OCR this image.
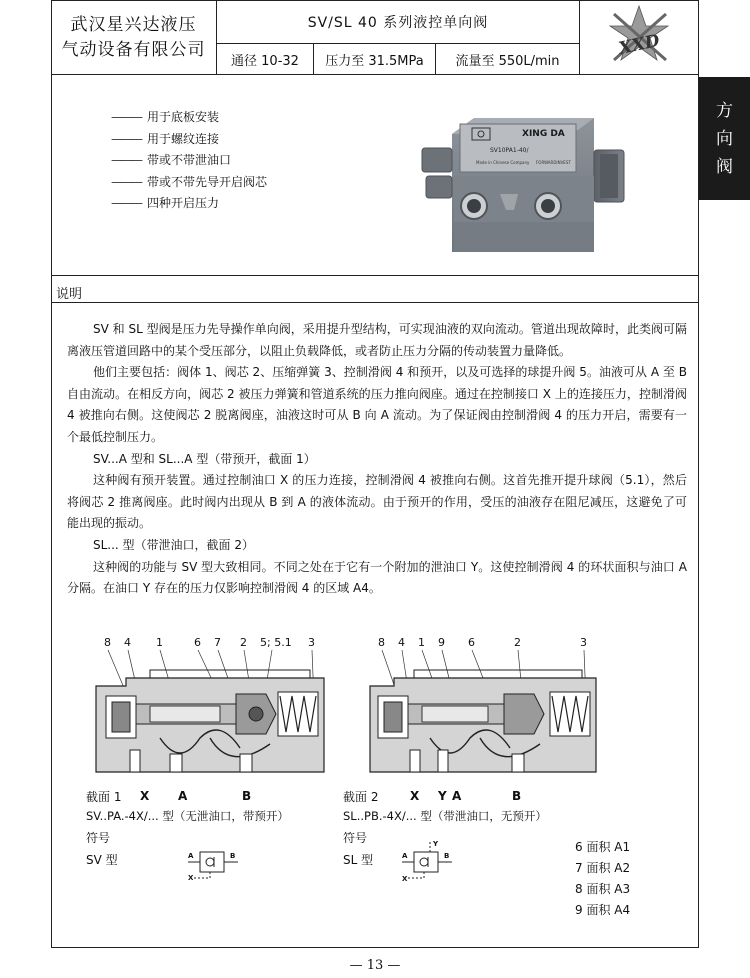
武汉星兴达液压
气动设备有限公司
SV/SL 40 系列液控单向阀
通径 10-32	压力至 31.5MPa	流量至 550L/min
XXD
方
向
阀
——— 用于底板安装
——— 用于螺纹连接
——— 带或不带泄油口
——— 带或不带先导开启阀芯
——— 四种开启压力
XING DA
SV10PA1-40/
Made in Chinese Company FORWARDINVEST
说明

SV 和 SL 型阀是压力先导操作单向阀，采用提升型结构，可实现油液的双向流动。管道出现故障时，此类阀可隔离液压管道回路中的某个受压部分，以阻止负载降低，或者防止压力分隔的传动装置力量降低。

他们主要包括：阀体 1、阀芯 2、压缩弹簧 3、控制滑阀 4 和预开，以及可选择的球提升阀 5。油液可从 A 至 B 自由流动。在相反方向，阀芯 2 被压力弹簧和管道系统的压力推向阀座。通过在控制接口 X 上的连接压力，控制滑阀 4 被推向右侧。这使阀芯 2 脱离阀座，油液这时可从 B 向 A 流动。为了保证阀由控制滑阀 4 的压力开启，需要有一个最低控制压力。

SV...A 型和 SL...A 型（带预开，截面 1）

这种阀有预开装置。通过控制油口 X 的压力连接，控制滑阀 4 被推向右侧。这首先推开提升球阀（5.1），然后将阀芯 2 推离阀座。此时阀内出现从 B 到 A 的液体流动。由于预开的作用，受压的油液存在阻尼减压，这避免了可能出现的振动。

SL... 型（带泄油口，截面 2）

这种阀的功能与 SV 型大致相同。不同之处在于它有一个附加的泄油口 Y。这使控制滑阀 4 的环状面积与油口 A 分隔。在油口 Y 存在的压力仅影响控制滑阀 4 的区域 A4。

8 4 1	6 7 2 5; 5.1 3
X A	B
截面 1
SV..PA.-4X/... 型（无泄油口，带预开）
符号
SV 型	A	B
X
8 4 1 9 6	2	3
X Y A	B
截面 2
SL..PB.-4X/... 型（带泄油口，无预开）
符号
SL 型	A	B
X
Y	6 面积 A1
7 面积 A2
8 面积 A3
9 面积 A4
— 13 —
